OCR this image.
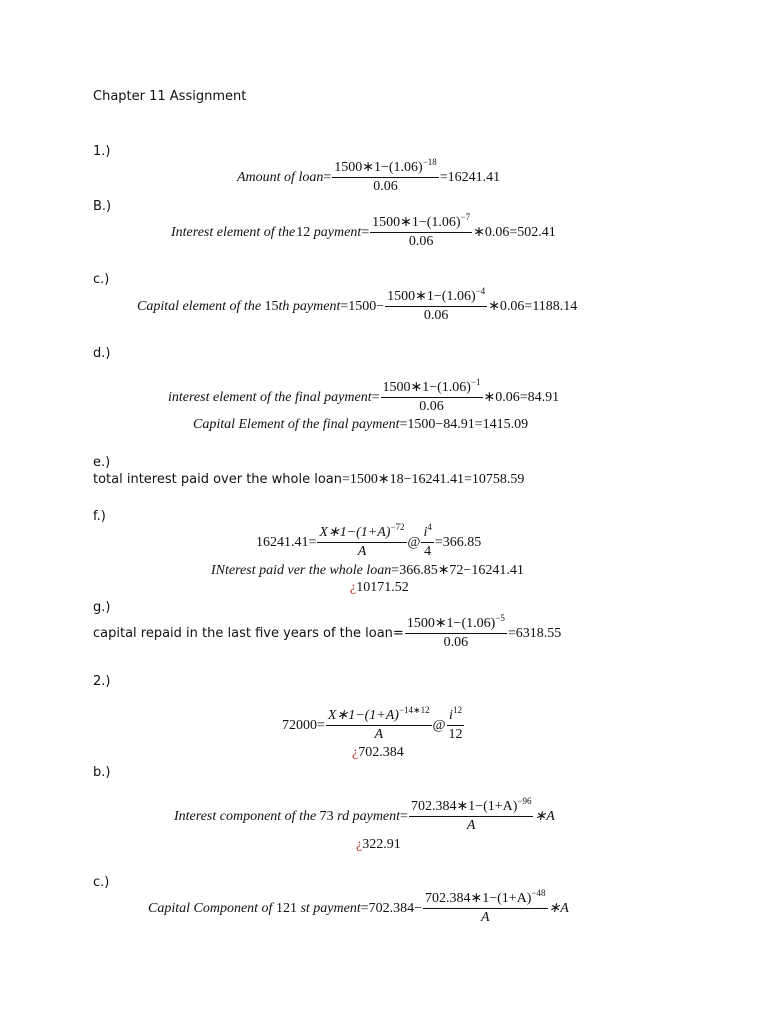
Chapter 11 Assignment
1.)
Amount of loan = $\frac{1500∗1-(1.06)^{-18}}{0.06} =16241.41$
B.)
Interest element of the 12
payment = $\frac{1500∗1-(1.06)^{-7}}{0.06}$ ∗0.06=502.41
c.)
Capital element of the
15 th payment $=1500- \frac{1500∗1-(1.06)^{-4}}{0.06}$ ∗0.06=1188.14
d.)
interest element of the final payment = $\frac{1500∗1-(1.06)^{-1}}{0.06}$ ∗0.06=84.91
Capital Element of the final payment =1500−84.91=1415.09
e.)
total interest paid over the whole loan=1500∗18−16241.41=10758.59
f.)
$16241.41= \frac{X∗1-(1+A)^{-72}}{A}$ @ $\frac{i^4}{4} =366.85$
INterest paid ver the whole loan =366.85∗72−16241.41
¿ 10171.52
g.)
capital repaid in the last five years of the loan= $\frac{1500∗1-(1.06)^{-5}}{0.06} =6318.55$
2.)
$72000= \frac{X∗1-(1+A)^{-14∗12}}{A}$ @ $\frac{i^{12}}{12}$
¿ 702.384
b.)
Interest component of the
73
rd payment = $\frac{702.384∗1-(1+A)^{-96}}{A}$ ∗A
¿ 322.91
c.)
Capital Component of
121
st payment $=702.384- \frac{702.384∗1-(1+A)^{-48}}{A}$ ∗A
